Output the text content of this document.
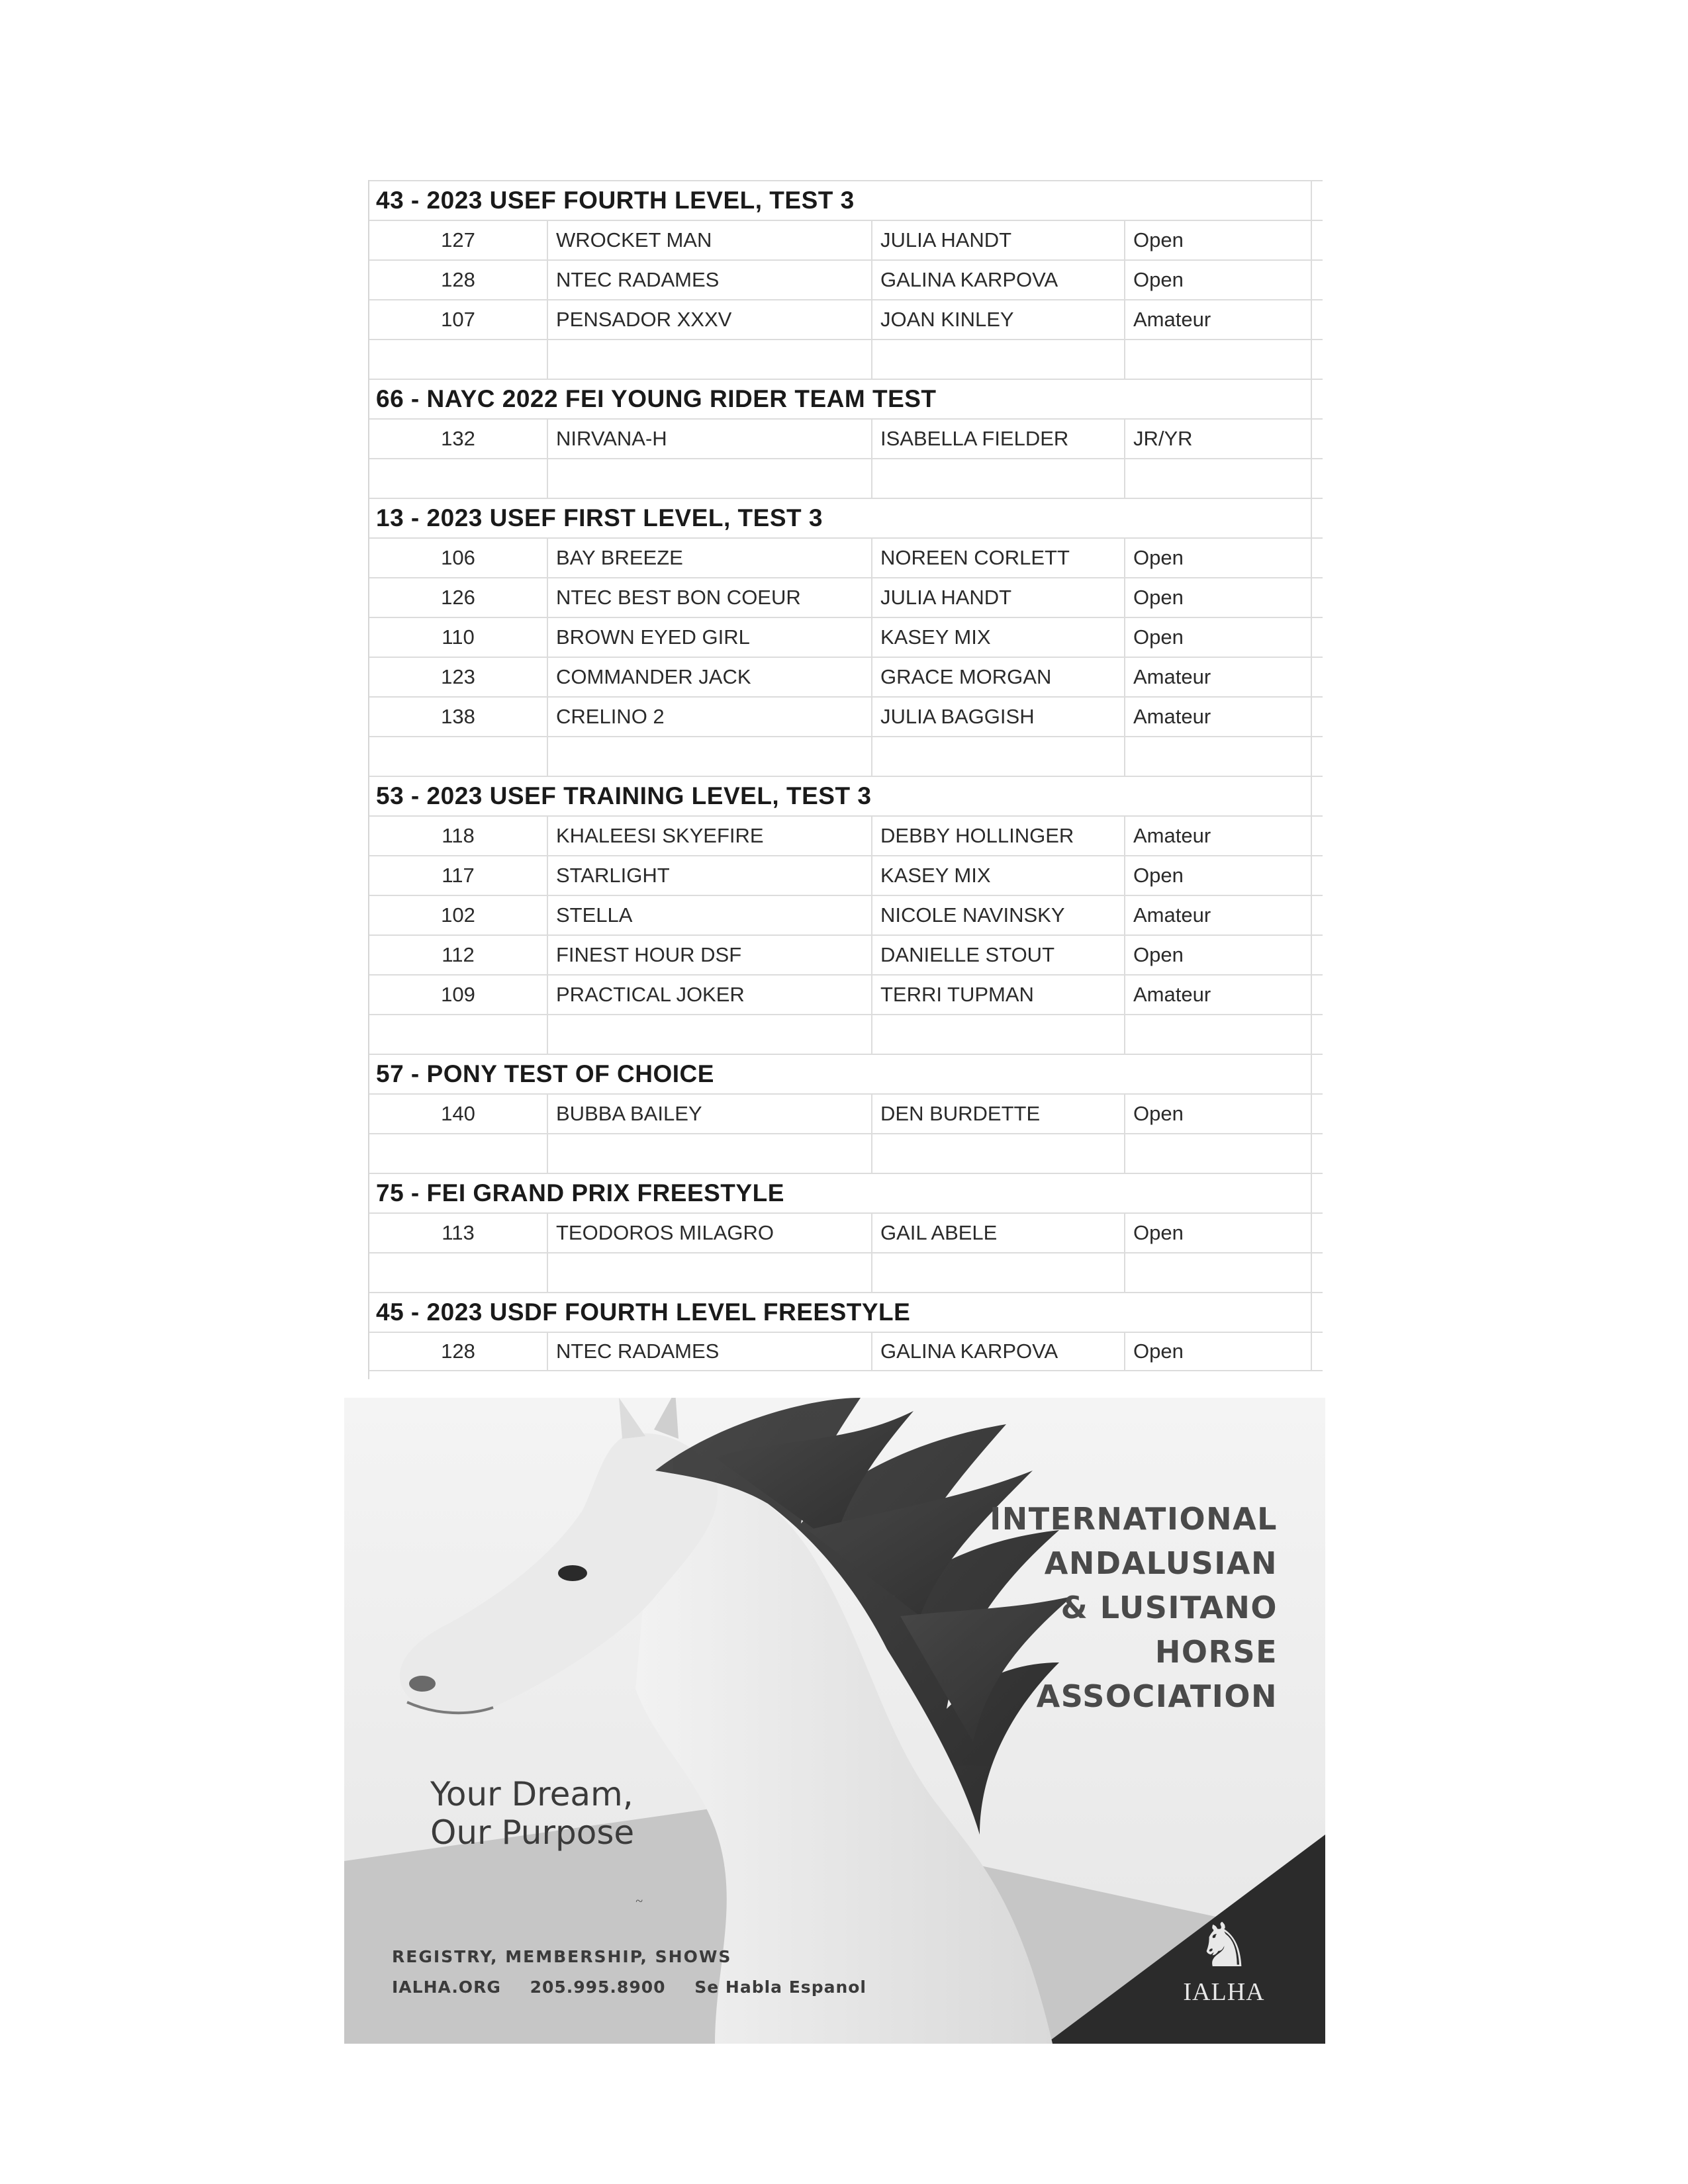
43 - 2023 USEF FOURTH LEVEL, TEST 3
127	WROCKET MAN	JULIA HANDT	Open
128	NTEC RADAMES	GALINA KARPOVA	Open
107	PENSADOR XXXV	JOAN KINLEY	Amateur
66 - NAYC 2022 FEI YOUNG RIDER TEAM TEST
132	NIRVANA-H	ISABELLA FIELDER	JR/YR
13 - 2023 USEF FIRST LEVEL, TEST 3
106	BAY BREEZE	NOREEN CORLETT	Open
126	NTEC BEST BON COEUR	JULIA HANDT	Open
110	BROWN EYED GIRL	KASEY MIX	Open
123	COMMANDER JACK	GRACE MORGAN	Amateur
138	CRELINO 2	JULIA BAGGISH	Amateur
53 - 2023 USEF TRAINING LEVEL, TEST 3
118	KHALEESI SKYEFIRE	DEBBY HOLLINGER	Amateur
117	STARLIGHT	KASEY MIX	Open
102	STELLA	NICOLE NAVINSKY	Amateur
112	FINEST HOUR DSF	DANIELLE STOUT	Open
109	PRACTICAL JOKER	TERRI TUPMAN	Amateur
57 - PONY TEST OF CHOICE
140	BUBBA BAILEY	DEN BURDETTE	Open
75 - FEI GRAND PRIX FREESTYLE
113	TEODOROS MILAGRO	GAIL ABELE	Open
45 - 2023 USDF FOURTH LEVEL FREESTYLE
128	NTEC RADAMES	GALINA KARPOVA	Open
INTERNATIONAL
ANDALUSIAN
& LUSITANO
HORSE
ASSOCIATION
Your Dream,
Our Purpose
~
REGISTRY, MEMBERSHIP, SHOWS
IALHA.ORG 205.995.8900 Se Habla Espanol
♞
IALHA
